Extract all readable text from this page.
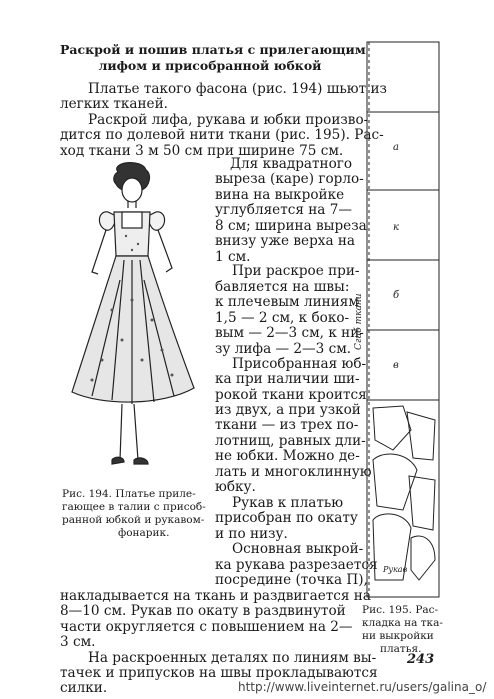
Раскрой и пошив платья с прилегающим
лифом и присобранной юбкой
Платье такого фасона (рис. 194) шьют из
легких тканей.
Раскрой лифа, рукава и юбки произво-
дится по долевой нити ткани (рис. 195). Рас-
ход ткани 3 м 50 см при ширине 75 см.
Для квадратного
выреза (каре) горло-
вина на выкройке
углубляется на 7—
8 см; ширина выреза
внизу уже верха на
1 см.
При раскрое при-
бавляется на швы:
к плечевым линиям
1,5 — 2 см, к боко-
вым — 2—3 см, к ни-
зу лифа — 2—3 см.
Присобранная юб-
ка при наличии ши-
рокой ткани кроится
из двух, а при узкой
ткани — из трех по-
лотнищ, равных дли-
не юбки. Можно де-
лать и многоклинную
юбку.
Рукав к платью
присобран по окату
и по низу.
Основная выкрой-
ка рукава разрезается
посредине (точка П),
Рис. 194. Платье прилe-
гающее в талии с присоб-
ранной юбкой и рукавом-
фонарик.
накладывается на ткань и раздвигается на
8—10 см. Рукав по окату в раздвинутой
части округляется с повышением на 2—
3 см.
На раскроенных деталях по линиям вы-
тачек и припусков на швы прокладываются
силки.
а
к
б
в
Рукав
Сгиб ткани
Рис. 195. Рас-
кладка на тка-
ни выкройки
платья.
243
http://www.liveinternet.ru/users/galina_o/
